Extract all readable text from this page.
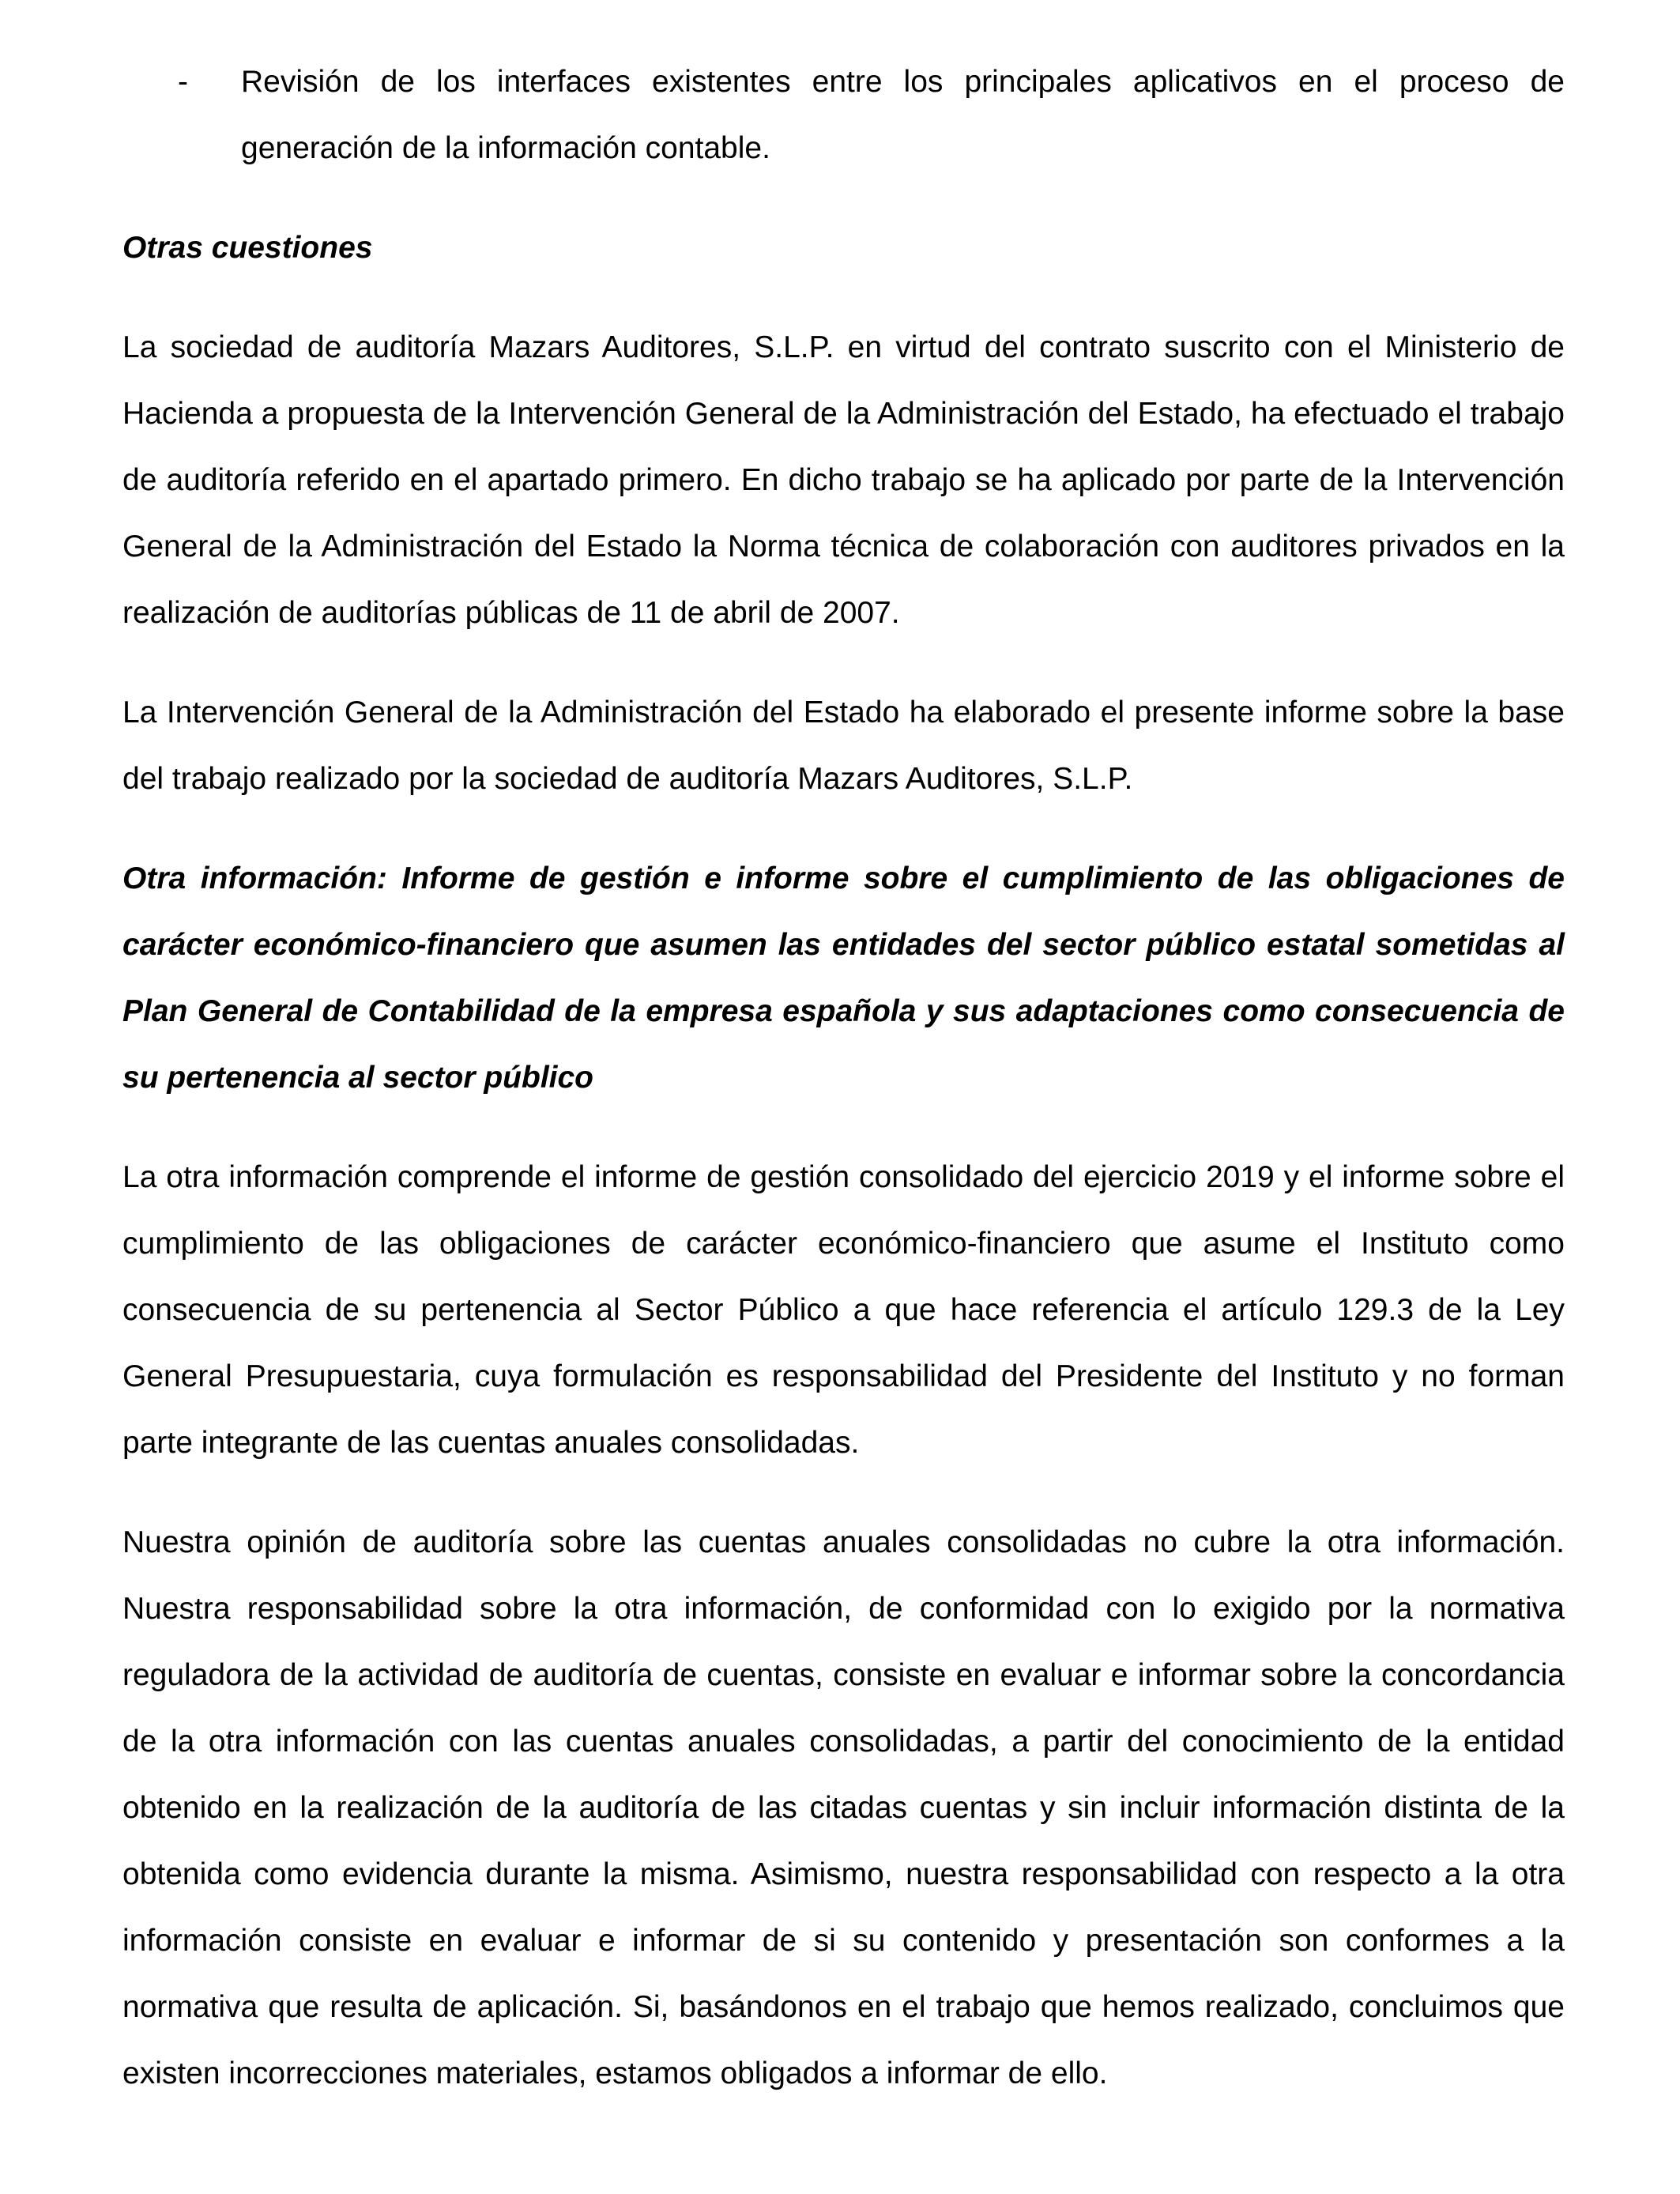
- Revisión de los interfaces existentes entre los principales aplicativos en el proceso de generación de la información contable.

Otras cuestiones

La sociedad de auditoría Mazars Auditores, S.L.P. en virtud del contrato suscrito con el Ministerio de Hacienda a propuesta de la Intervención General de la Administración del Estado, ha efectuado el trabajo de auditoría referido en el apartado primero. En dicho trabajo se ha aplicado por parte de la Intervención General de la Administración del Estado la Norma técnica de colaboración con auditores privados en la realización de auditorías públicas de 11 de abril de 2007.

La Intervención General de la Administración del Estado ha elaborado el presente informe sobre la base del trabajo realizado por la sociedad de auditoría Mazars Auditores, S.L.P.

Otra información: Informe de gestión e informe sobre el cumplimiento de las obligaciones de carácter económico-financiero que asumen las entidades del sector público estatal sometidas al Plan General de Contabilidad de la empresa española y sus adaptaciones como consecuencia de su pertenencia al sector público

La otra información comprende el informe de gestión consolidado del ejercicio 2019 y el informe sobre el cumplimiento de las obligaciones de carácter económico-financiero que asume el Instituto como consecuencia de su pertenencia al Sector Público a que hace referencia el artículo 129.3 de la Ley General Presupuestaria, cuya formulación es responsabilidad del Presidente del Instituto y no forman parte integrante de las cuentas anuales consolidadas.

Nuestra opinión de auditoría sobre las cuentas anuales consolidadas no cubre la otra información. Nuestra responsabilidad sobre la otra información, de conformidad con lo exigido por la normativa reguladora de la actividad de auditoría de cuentas, consiste en evaluar e informar sobre la concordancia de la otra información con las cuentas anuales consolidadas, a partir del conocimiento de la entidad obtenido en la realización de la auditoría de las citadas cuentas y sin incluir información distinta de la obtenida como evidencia durante la misma. Asimismo, nuestra responsabilidad con respecto a la otra información consiste en evaluar e informar de si su contenido y presentación son conformes a la normativa que resulta de aplicación. Si, basándonos en el trabajo que hemos realizado, concluimos que existen incorrecciones materiales, estamos obligados a informar de ello.
